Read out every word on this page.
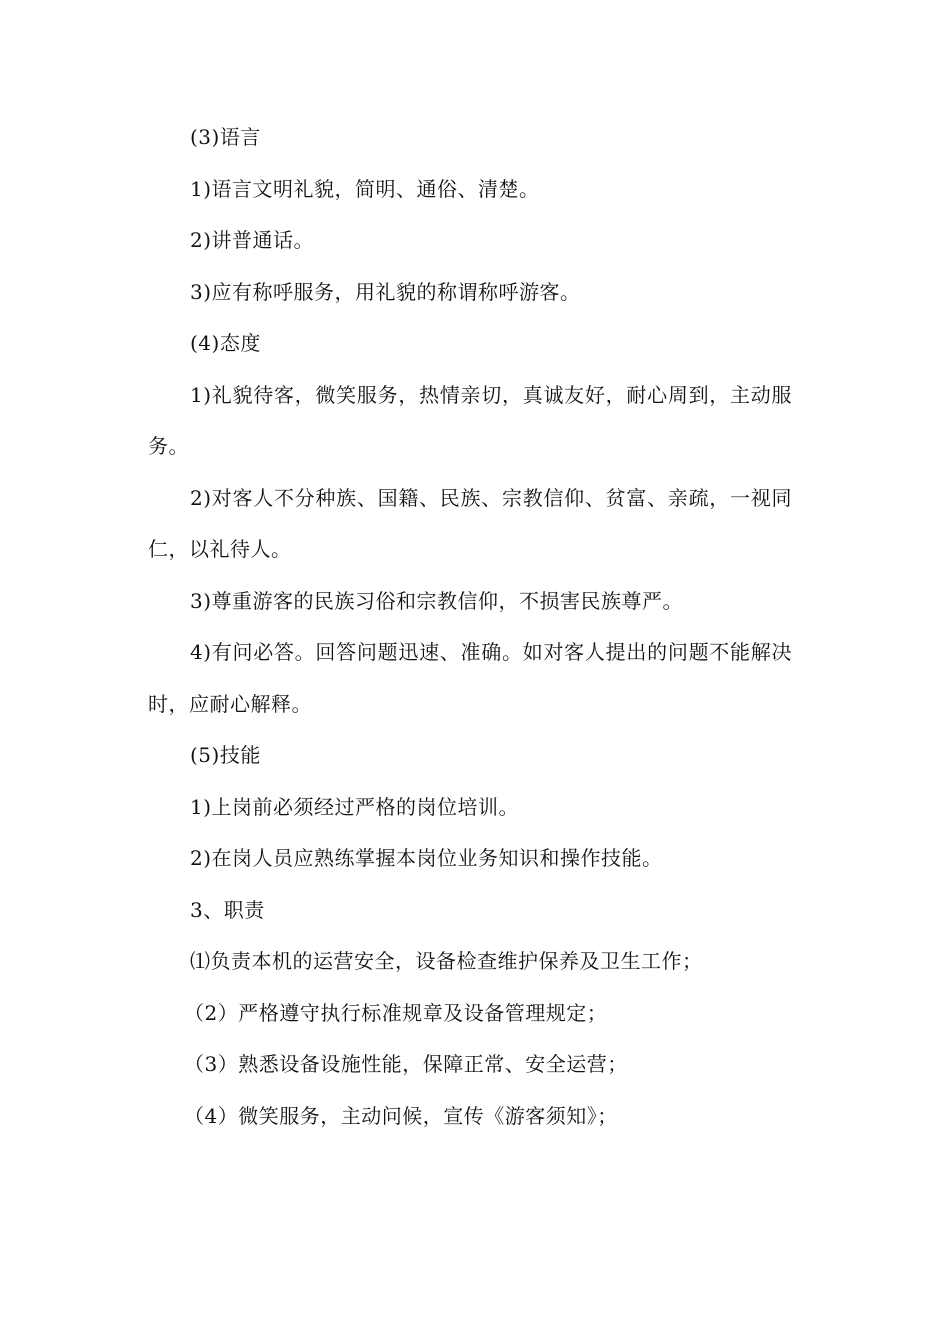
(3)语言

1)语言文明礼貌，简明、通俗、清楚。

2)讲普通话。

3)应有称呼服务，用礼貌的称谓称呼游客。

(4)态度

1)礼貌待客，微笑服务，热情亲切，真诚友好，耐心周到，主动服务。

2)对客人不分种族、国籍、民族、宗教信仰、贫富、亲疏，一视同仁，以礼待人。

3)尊重游客的民族习俗和宗教信仰，不损害民族尊严。

4)有问必答。回答问题迅速、准确。如对客人提出的问题不能解决时，应耐心解释。

(5)技能

1)上岗前必须经过严格的岗位培训。

2)在岗人员应熟练掌握本岗位业务知识和操作技能。

3、职责

⑴负责本机的运营安全，设备检查维护保养及卫生工作；

（2）严格遵守执行标准规章及设备管理规定；

（3）熟悉设备设施性能，保障正常、安全运营；

（4）微笑服务，主动问候，宣传《游客须知》；
